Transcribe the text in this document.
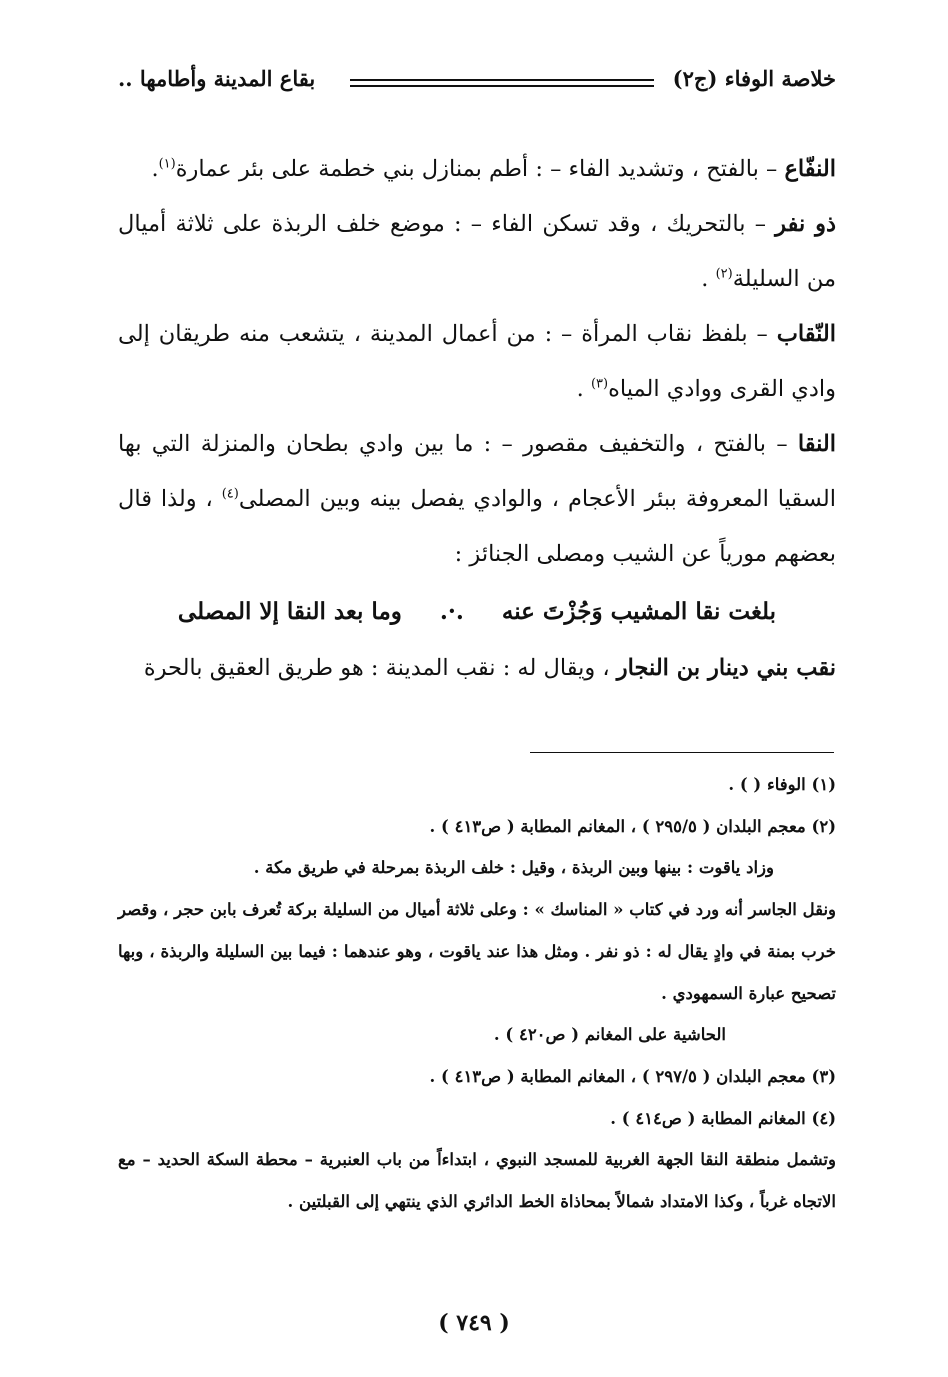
خلاصة الوفاء (ج٢)
بقاع المدينة وأطامها ..

النفّاع – بالفتح ، وتشديد الفاء – : أطم بمنازل بني خطمة على بئر عمارة$^{(١)}$.

ذو نفر – بالتحريك ، وقد تسكن الفاء – : موضع خلف الربذة على ثلاثة أميال من السليلة$^{(٢)}$ .

النّقاب – بلفظ نقاب المرأة – : من أعمال المدينة ، يتشعب منه طريقان إلى وادي القرى ووادي المياه$^{(٣)}$ .

النقا – بالفتح ، والتخفيف مقصور – : ما بين وادي بطحان والمنزلة التي بها السقيا المعروفة ببئر الأعجام ، والوادي يفصل بينه وبين المصلى$^{(٤)}$ ، ولذا قال بعضهم مورياً عن الشيب ومصلى الجنائز :

بلغت نقا المشيب وَجُزْتَ عنه
.·.
وما بعد النقا إلا المصلى

نقب بني دينار بن النجار ، ويقال له : نقب المدينة : هو طريق العقيق بالحرة

(١) الوفاء ( ) .

(٢) معجم البلدان ( ٢٩٥/٥ ) ، المغانم المطابة ( ص٤١٣ ) .

وزاد ياقوت : بينها وبين الربذة ، وقيل : خلف الربذة بمرحلة في طريق مكة .

ونقل الجاسر أنه ورد في كتاب « المناسك » : وعلى ثلاثة أميال من السليلة بركة تُعرف بابن حجر ، وقصر خرب بمنة في وادٍ يقال له : ذو نفر . ومثل هذا عند ياقوت ، وهو عندهما : فيما بين السليلة والربذة ، وبها تصحيح عبارة السمهودي .

الحاشية على المغانم ( ص٤٢٠ ) .

(٣) معجم البلدان ( ٢٩٧/٥ ) ، المغانم المطابة ( ص٤١٣ ) .

(٤) المغانم المطابة ( ص٤١٤ ) .

وتشمل منطقة النقا الجهة الغربية للمسجد النبوي ، ابتداءاً من باب العنبرية – محطة السكة الحديد – مع الاتجاه غرباً ، وكذا الامتداد شمالاً بمحاذاة الخط الدائري الذي ينتهي إلى القبلتين .

( ٧٤٩ )
